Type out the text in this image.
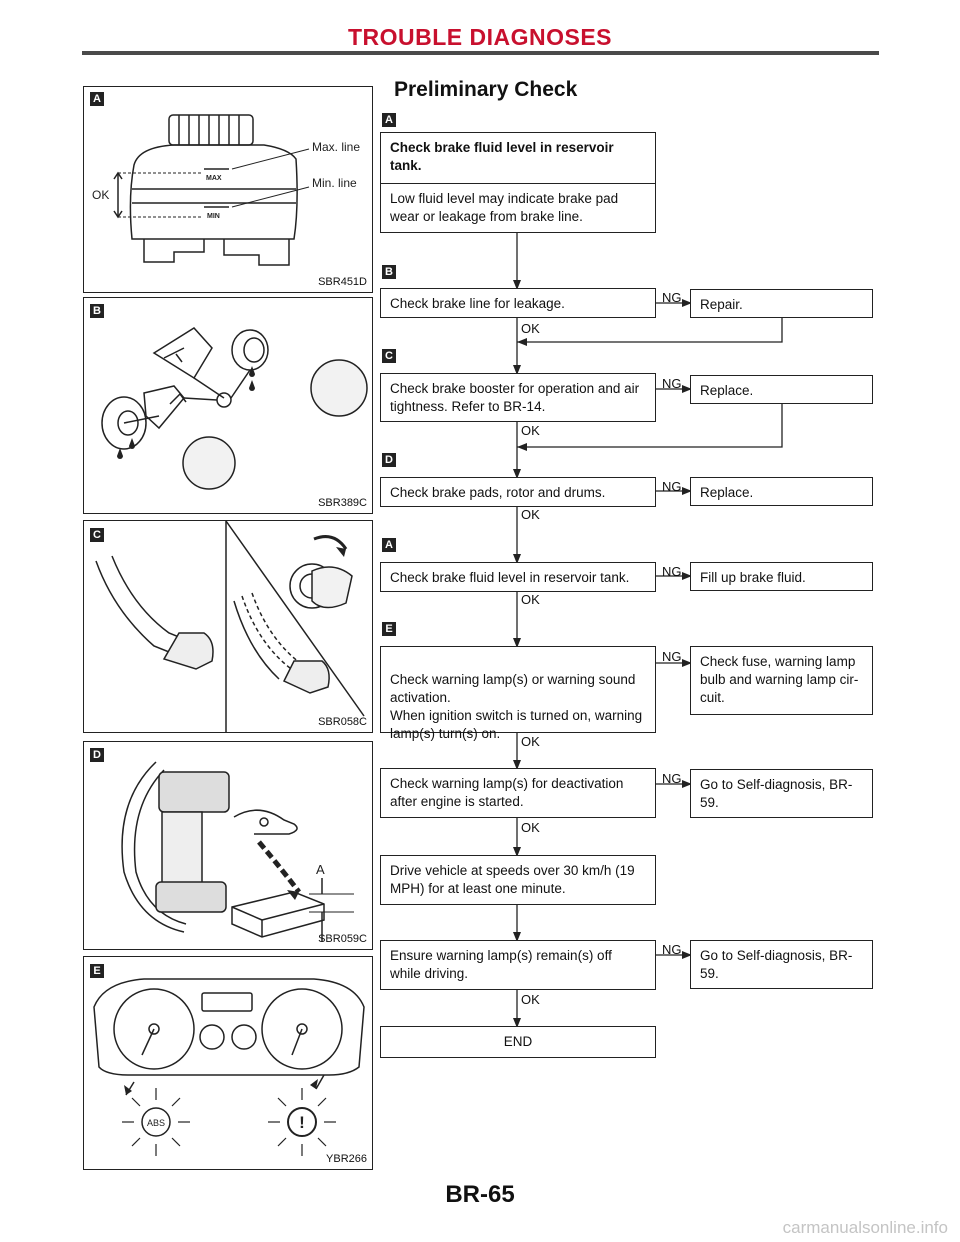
TROUBLE DIAGNOSES
Max. line
Min. line
OK
MAX
MIN
A
SBR451D
B
SBR389C
C
SBR058C
A
D
SBR059C
ABS	!
E
YBR266
Preliminary Check
A
Check brake fluid level in reservoir tank.
Low fluid level may indicate brake pad wear or leakage from brake line.
B
Check brake line for leakage.	NG
OK
Repair.
C
Check brake booster for operation and air tightness. Refer to BR-14.
NG
OK
Replace.
D
Check brake pads, rotor and drums.	NG
OK
Replace.
A
Check brake fluid level in reservoir tank.	NG
OK
Fill up brake fluid.
E

Check warning lamp(s) or warning sound activation.
When ignition switch is turned on, warning lamp(s) turn(s) on.

NG
OK
Check fuse, warning lamp bulb and warning lamp cir-cuit.
Check warning lamp(s) for deactivation after engine is started.
NG
OK
Go to Self-diagnosis, BR-59.
Drive vehicle at speeds over 30 km/h (19 MPH) for at least one minute.
Ensure warning lamp(s) remain(s) off while driving.
NG
OK
Go to Self-diagnosis, BR-59.
END
BR-65
carmanualsonline.info
